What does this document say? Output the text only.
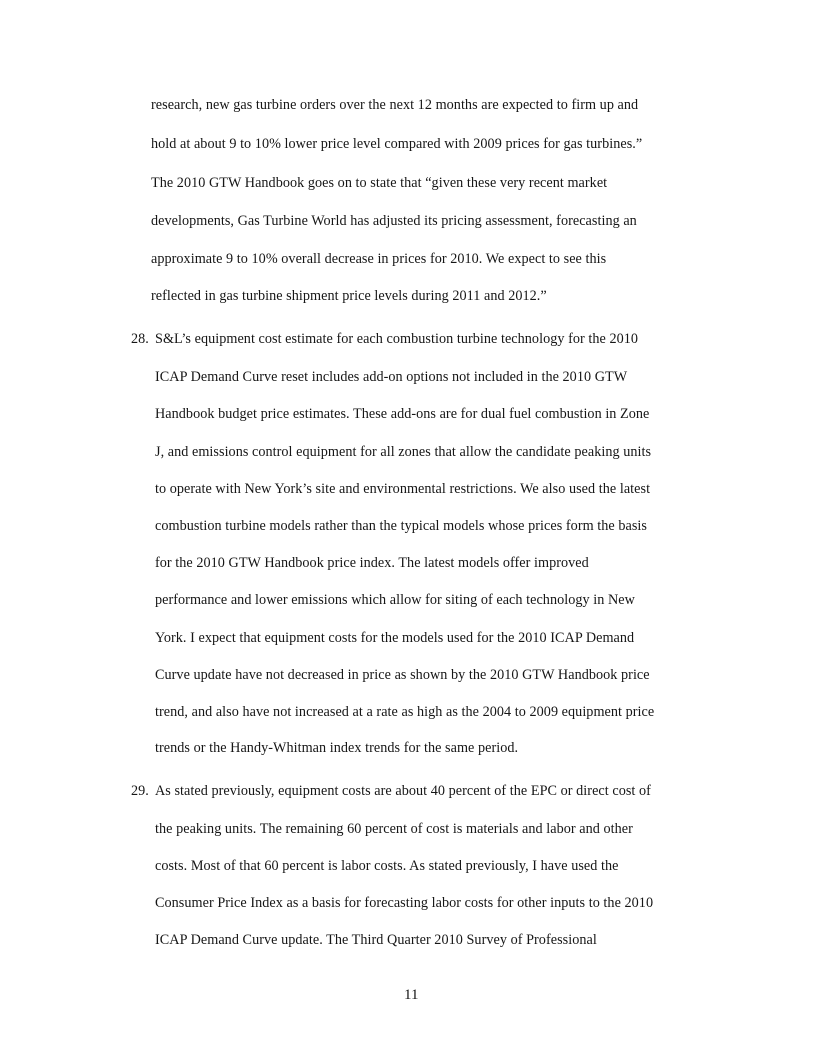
research, new gas turbine orders over the next 12 months are expected to firm up and
hold at about 9 to 10% lower price level compared with 2009 prices for gas turbines.”
The 2010 GTW Handbook goes on to state that “given these very recent market
developments, Gas Turbine World has adjusted its pricing assessment, forecasting an
approximate 9 to 10% overall decrease in prices for 2010. We expect to see this
reflected in gas turbine shipment price levels during 2011 and 2012.”
28. S&L’s equipment cost estimate for each combustion turbine technology for the 2010
ICAP Demand Curve reset includes add-on options not included in the 2010 GTW
Handbook budget price estimates. These add-ons are for dual fuel combustion in Zone
J, and emissions control equipment for all zones that allow the candidate peaking units
to operate with New York’s site and environmental restrictions. We also used the latest
combustion turbine models rather than the typical models whose prices form the basis
for the 2010 GTW Handbook price index. The latest models offer improved
performance and lower emissions which allow for siting of each technology in New
York. I expect that equipment costs for the models used for the 2010 ICAP Demand
Curve update have not decreased in price as shown by the 2010 GTW Handbook price
trend, and also have not increased at a rate as high as the 2004 to 2009 equipment price
trends or the Handy-Whitman index trends for the same period.
29. As stated previously, equipment costs are about 40 percent of the EPC or direct cost of
the peaking units. The remaining 60 percent of cost is materials and labor and other
costs. Most of that 60 percent is labor costs. As stated previously, I have used the
Consumer Price Index as a basis for forecasting labor costs for other inputs to the 2010
ICAP Demand Curve update. The Third Quarter 2010 Survey of Professional
11
